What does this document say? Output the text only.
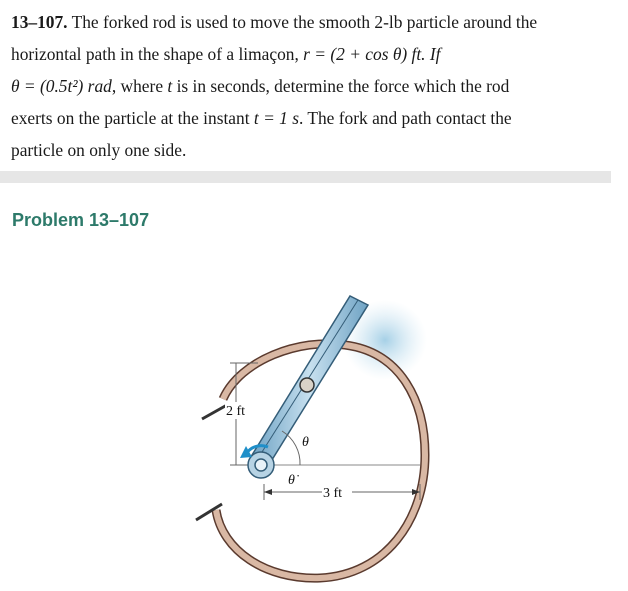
13–107. The forked rod is used to move the smooth 2-lb particle around the
horizontal path in the shape of a limaçon, r = (2 + cos θ) ft. If
θ = (0.5t²) rad, where t is in seconds, determine the force which the rod
exerts on the particle at the instant t = 1 s. The fork and path contact the
particle on only one side.
Problem 13–107
2 ft
3 ft
θ
θ̇
